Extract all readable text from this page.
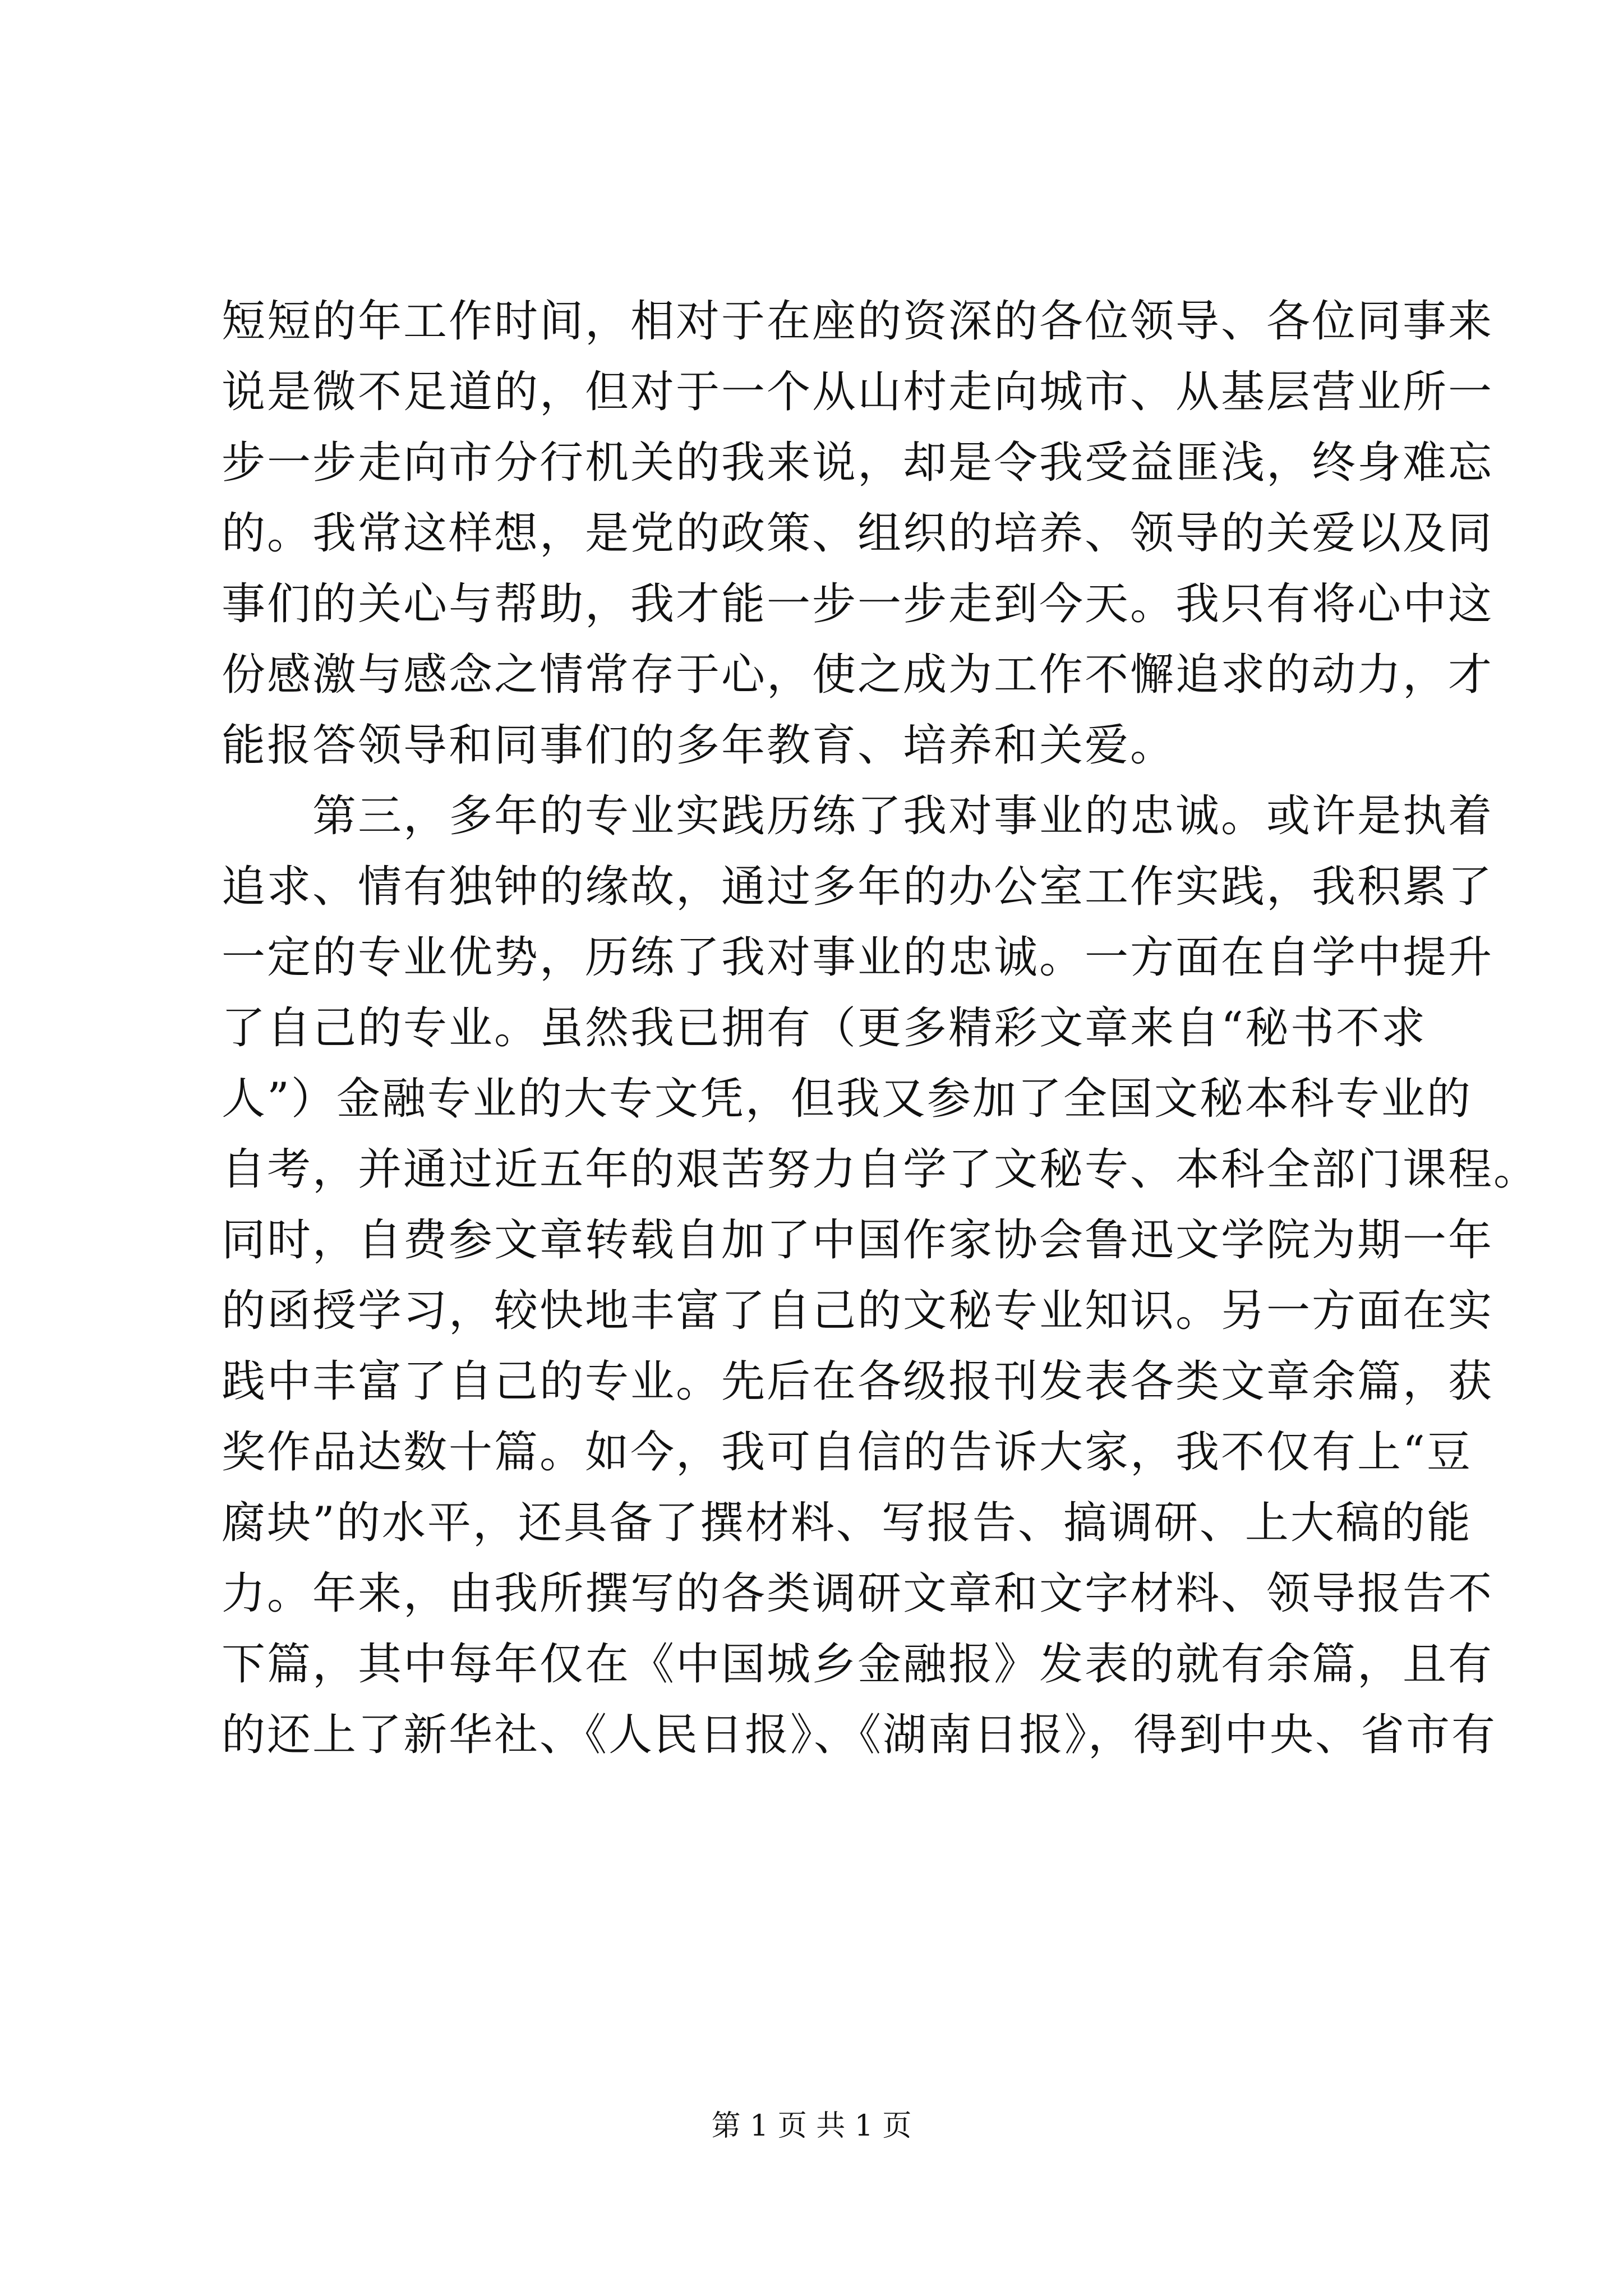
短短的年工作时间，相对于在座的资深的各位领导、各位同事来
说是微不足道的，但对于一个从山村走向城市、从基层营业所一
步一步走向市分行机关的我来说，却是令我受益匪浅，终身难忘
的。我常这样想，是党的政策、组织的培养、领导的关爱以及同
事们的关心与帮助，我才能一步一步走到今天。我只有将心中这
份感激与感念之情常存于心，使之成为工作不懈追求的动力，才
能报答领导和同事们的多年教育、培养和关爱。
　　第三，多年的专业实践历练了我对事业的忠诚。或许是执着
追求、情有独钟的缘故，通过多年的办公室工作实践，我积累了
一定的专业优势，历练了我对事业的忠诚。一方面在自学中提升
了自己的专业。虽然我已拥有（更多精彩文章来自“秘书不求
人”）金融专业的大专文凭，但我又参加了全国文秘本科专业的
自考，并通过近五年的艰苦努力自学了文秘专、本科全部门课程。
同时，自费参文章转载自加了中国作家协会鲁迅文学院为期一年
的函授学习，较快地丰富了自己的文秘专业知识。另一方面在实
践中丰富了自己的专业。先后在各级报刊发表各类文章余篇，获
奖作品达数十篇。如今，我可自信的告诉大家，我不仅有上“豆
腐块”的水平，还具备了撰材料、写报告、搞调研、上大稿的能
力。年来，由我所撰写的各类调研文章和文字材料、领导报告不
下篇，其中每年仅在《中国城乡金融报》发表的就有余篇，且有
的还上了新华社、《人民日报》、《湖南日报》，得到中央、省市有
第 1 页 共 1 页
